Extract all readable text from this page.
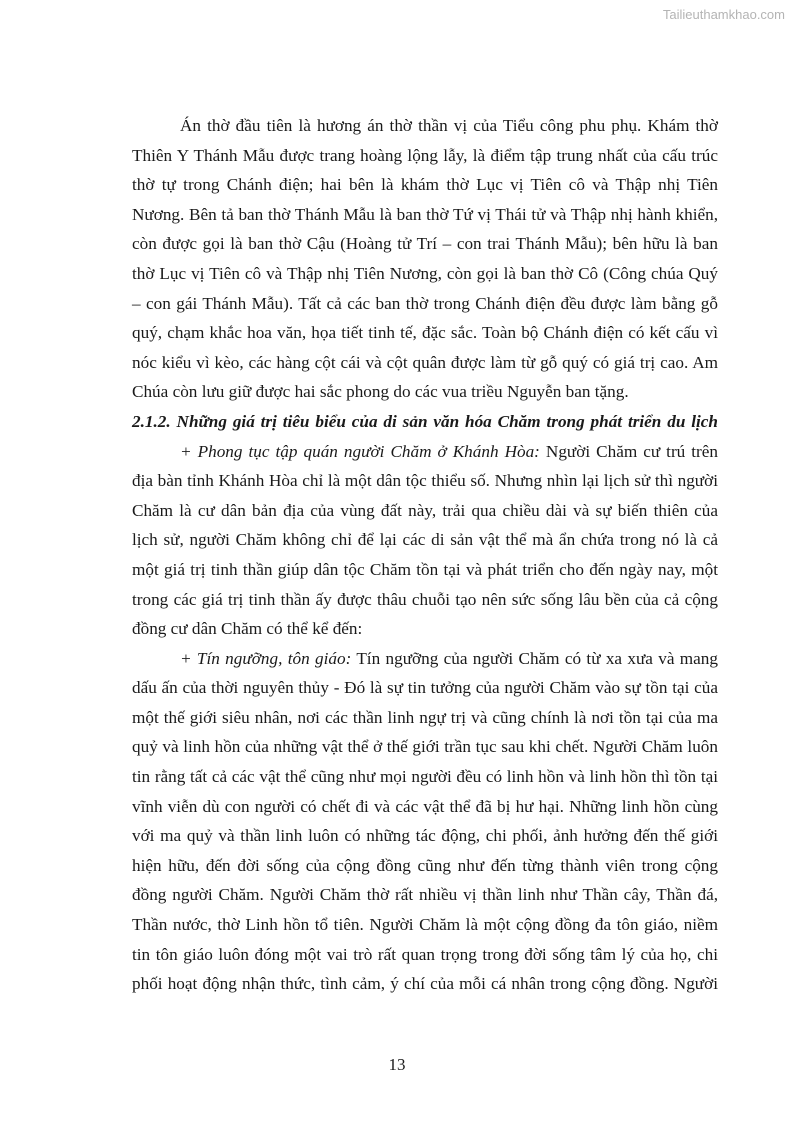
Tailieuthamkhao.com

Án thờ đầu tiên là hương án thờ thần vị của Tiểu công phu phụ. Khám thờ
Thiên Y Thánh Mẫu được trang hoàng lộng lẫy, là điểm tập trung nhất của cấu trúc
thờ tự trong Chánh điện; hai bên là khám thờ Lục vị Tiên cô và Thập nhị Tiên
Nương. Bên tả ban thờ Thánh Mẫu là ban thờ Tứ vị Thái tử và Thập nhị hành khiển,
còn được gọi là ban thờ Cậu (Hoàng tử Trí – con trai Thánh Mẫu); bên hữu là ban
thờ Lục vị Tiên cô và Thập nhị Tiên Nương, còn gọi là ban thờ Cô (Công chúa Quý
– con gái Thánh Mẫu). Tất cả các ban thờ trong Chánh điện đều được làm bằng gỗ
quý, chạm khắc hoa văn, họa tiết tinh tế, đặc sắc. Toàn bộ Chánh điện có kết cấu vì
nóc kiểu vì kèo, các hàng cột cái và cột quân được làm từ gỗ quý có giá trị cao. Am
Chúa còn lưu giữ được hai sắc phong do các vua triều Nguyễn ban tặng.

2.1.2. Những giá trị tiêu biểu của di sản văn hóa Chăm trong phát triển du lịch

+ Phong tục tập quán người Chăm ở Khánh Hòa: Người Chăm cư trú trên
địa bàn tỉnh Khánh Hòa chỉ là một dân tộc thiểu số. Nhưng nhìn lại lịch sử thì người
Chăm là cư dân bản địa của vùng đất này, trải qua chiều dài và sự biến thiên của
lịch sử, người Chăm không chỉ để lại các di sản vật thể mà ẩn chứa trong nó là cả
một giá trị tinh thần giúp dân tộc Chăm tồn tại và phát triển cho đến ngày nay, một
trong các giá trị tinh thần ấy được thâu chuỗi tạo nên sức sống lâu bền của cả cộng
đồng cư dân Chăm có thể kể đến:

+ Tín ngưỡng, tôn giáo: Tín ngưỡng của người Chăm có từ xa xưa và mang
dấu ấn của thời nguyên thủy - Đó là sự tin tưởng của người Chăm vào sự tồn tại của
một thế giới siêu nhân, nơi các thần linh ngự trị và cũng chính là nơi tồn tại của ma
quỷ và linh hồn của những vật thể ở thế giới trần tục sau khi chết. Người Chăm luôn
tin rằng tất cả các vật thể cũng như mọi người đều có linh hồn và linh hồn thì tồn tại
vĩnh viễn dù con người có chết đi và các vật thể đã bị hư hại. Những linh hồn cùng
với ma quỷ và thần linh luôn có những tác động, chi phối, ảnh hưởng đến thế giới
hiện hữu, đến đời sống của cộng đồng cũng như đến từng thành viên trong cộng
đồng người Chăm. Người Chăm thờ rất nhiều vị thần linh như Thần cây, Thần đá,
Thần nước, thờ Linh hồn tổ tiên. Người Chăm là một cộng đồng đa tôn giáo, niềm
tin tôn giáo luôn đóng một vai trò rất quan trọng trong đời sống tâm lý của họ, chi
phối hoạt động nhận thức, tình cảm, ý chí của mỗi cá nhân trong cộng đồng. Người

13
